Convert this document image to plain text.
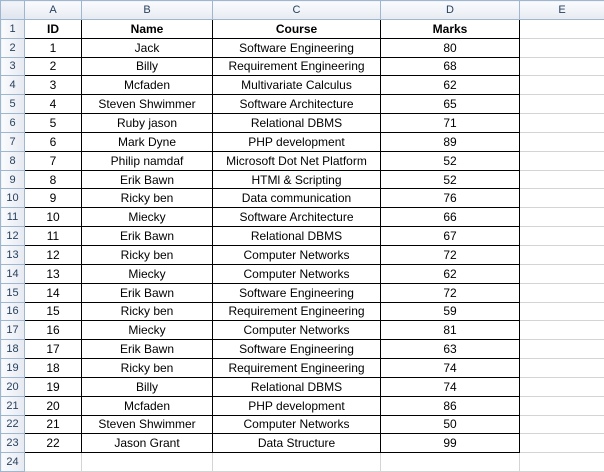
	A	B	C	D	E
1	ID	Name	Course	Marks	
2	1	Jack	Software Engineering	80	
3	2	Billy	Requirement Engineering	68	
4	3	Mcfaden	Multivariate Calculus	62	
5	4	Steven Shwimmer	Software Architecture	65	
6	5	Ruby jason	Relational DBMS	71	
7	6	Mark Dyne	PHP development	89	
8	7	Philip namdaf	Microsoft Dot Net Platform	52	
9	8	Erik Bawn	HTMl & Scripting	52	
10	9	Ricky ben	Data communication	76	
11	10	Miecky	Software Architecture	66	
12	11	Erik Bawn	Relational DBMS	67	
13	12	Ricky ben	Computer Networks	72	
14	13	Miecky	Computer Networks	62	
15	14	Erik Bawn	Software Engineering	72	
16	15	Ricky ben	Requirement Engineering	59	
17	16	Miecky	Computer Networks	81	
18	17	Erik Bawn	Software Engineering	63	
19	18	Ricky ben	Requirement Engineering	74	
20	19	Billy	Relational DBMS	74	
21	20	Mcfaden	PHP development	86	
22	21	Steven Shwimmer	Computer Networks	50	
23	22	Jason Grant	Data Structure	99	
24					
